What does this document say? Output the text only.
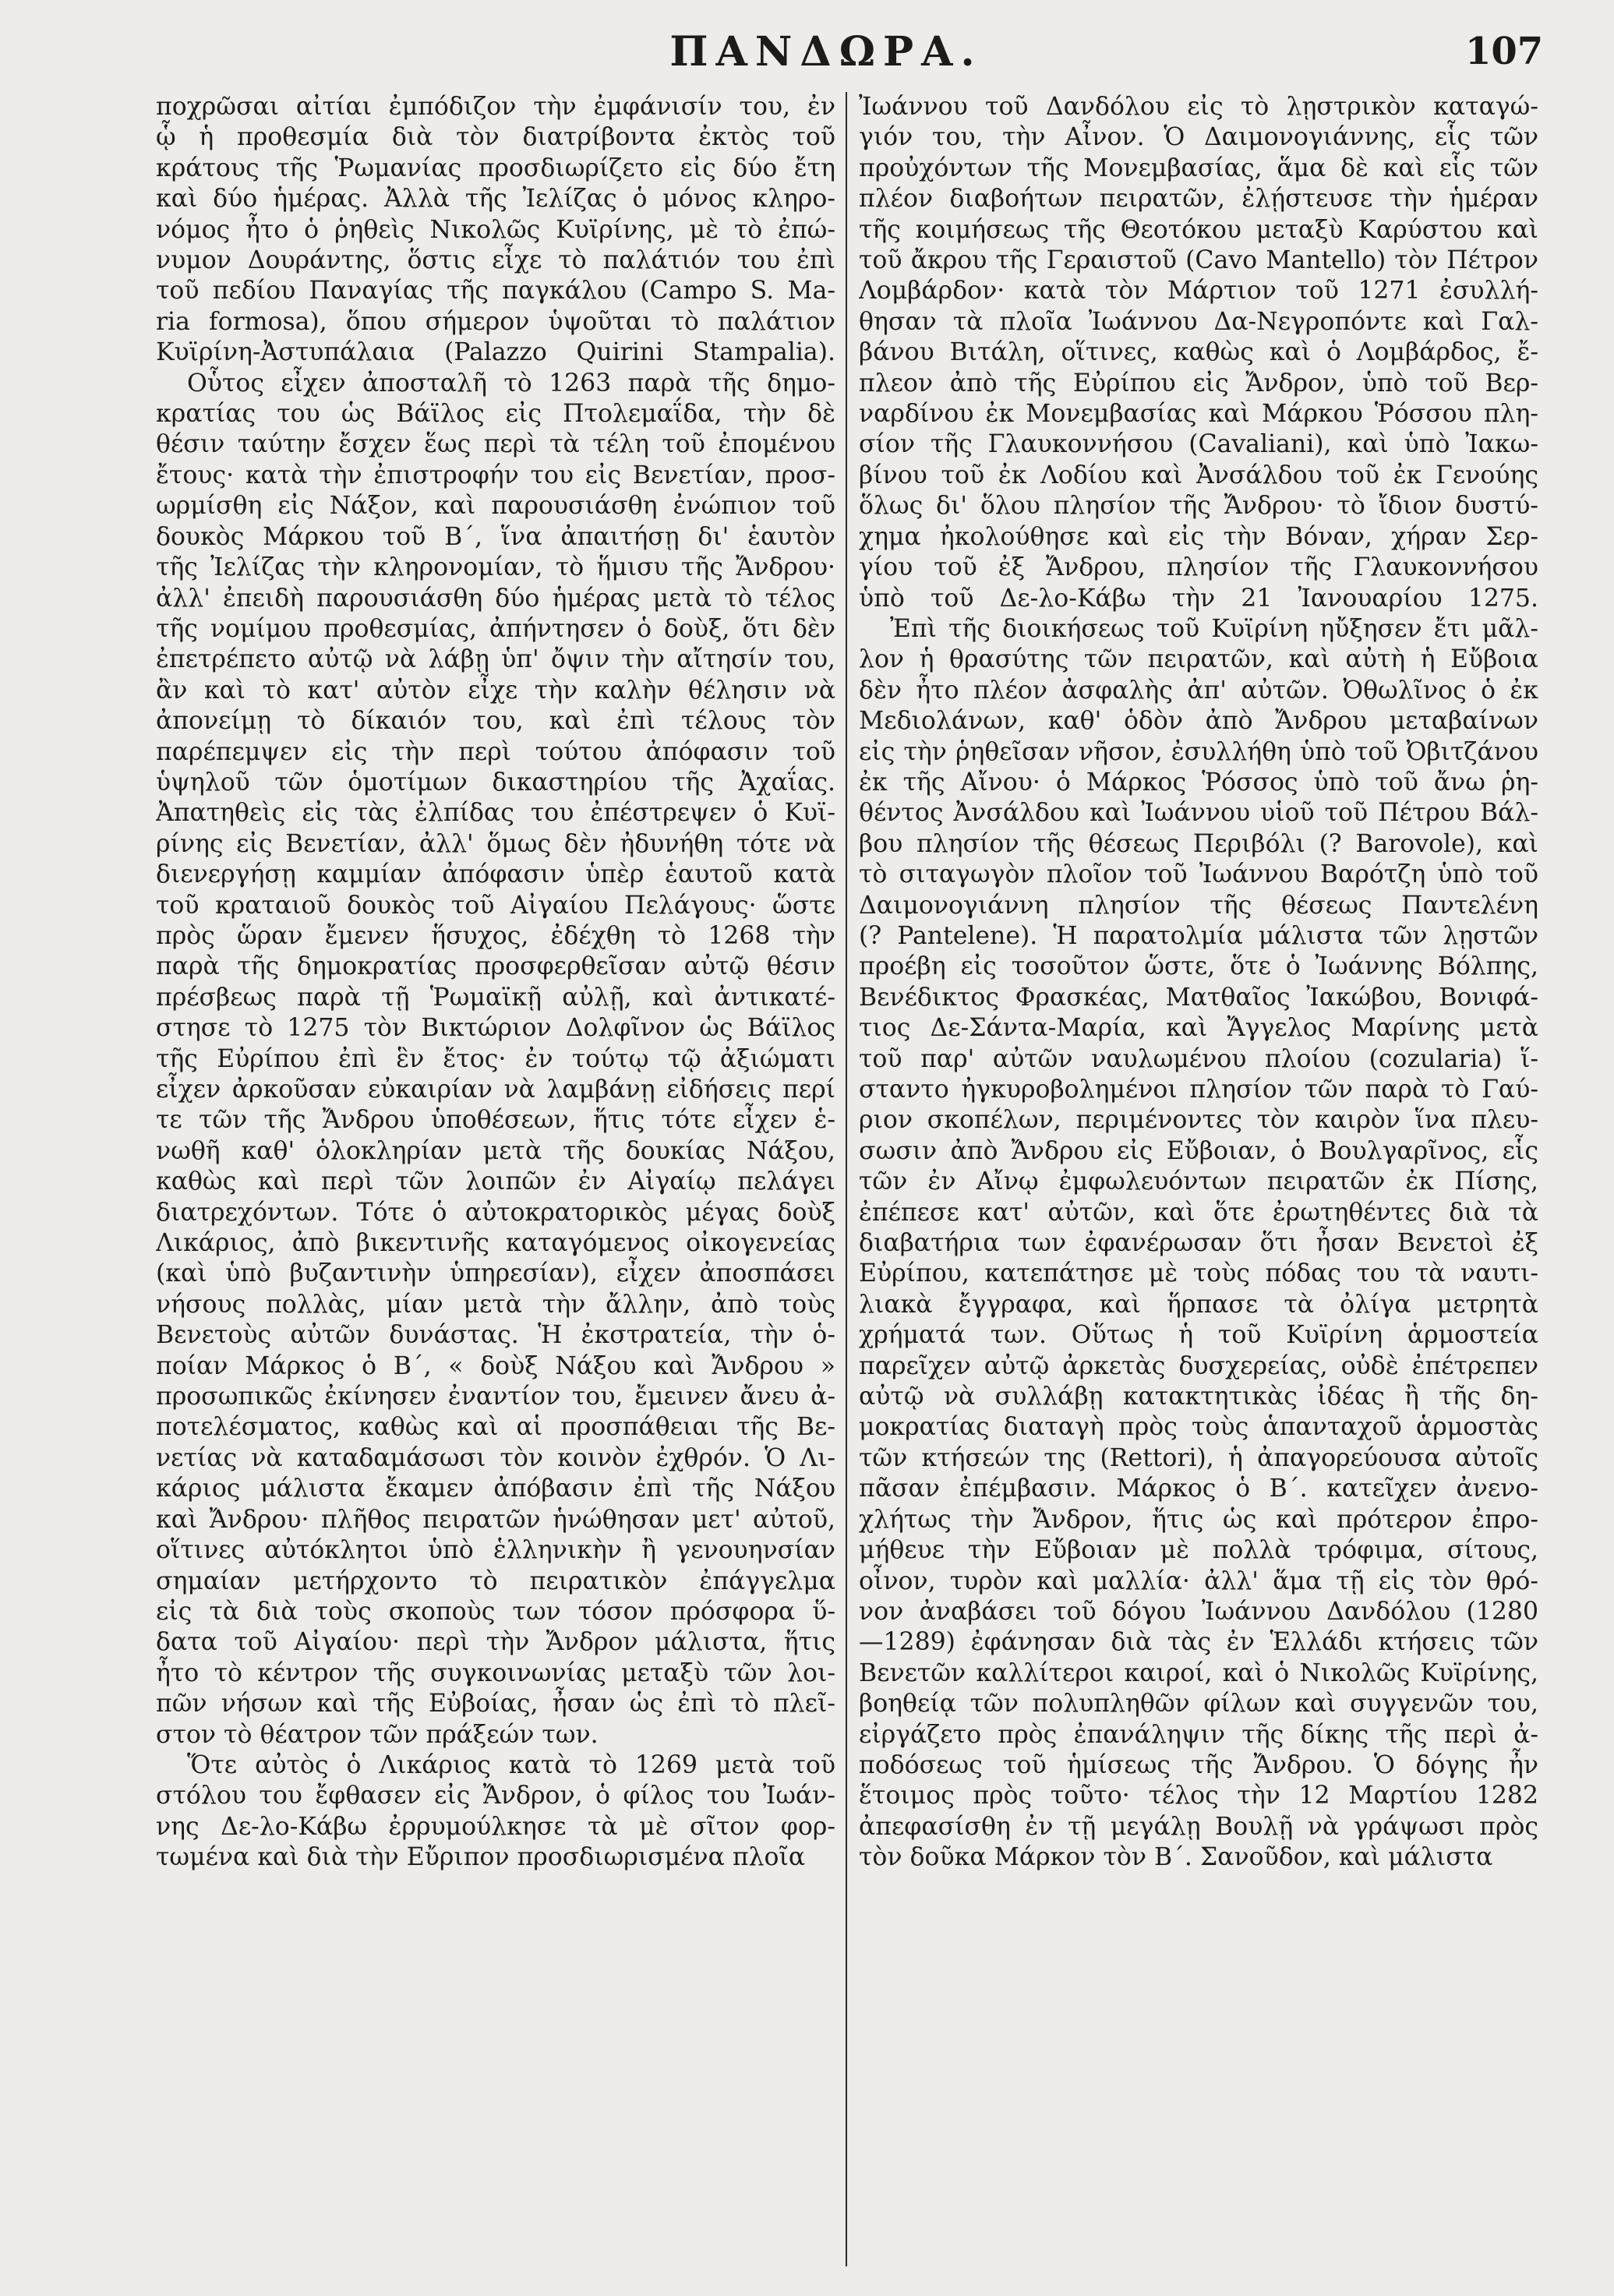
ΠΑΝΔΩΡΑ.	107
ποχρῶσαι αἰτίαι ἐμπόδιζον τὴν ἐμφάνισίν του, ἐν
ᾧ ἡ προθεσμία διὰ τὸν διατρίβοντα ἐκτὸς τοῦ
κράτους τῆς Ῥωμανίας προσδιωρίζετο εἰς δύο ἔτη
καὶ δύο ἡμέρας. Ἀλλὰ τῆς Ἰελίζας ὁ μόνος κληρο-
νόμος ἦτο ὁ ῥηθεὶς Νικολῶς Κυϊρίνης, μὲ τὸ ἐπώ-
νυμον Δουράντης, ὅστις εἶχε τὸ παλάτιόν του ἐπὶ
τοῦ πεδίου Παναγίας τῆς παγκάλου (Campo S. Ma-
ria formosa), ὅπου σήμερον ὑψοῦται τὸ παλάτιον
Κυϊρίνη-Ἀστυπάλαια (Palazzo Quirini Stampalia).
Οὗτος εἶχεν ἀποσταλῆ τὸ 1263 παρὰ τῆς δημο-
κρατίας του ὡς Βάϊλος εἰς Πτολεμαΐδα, τὴν δὲ
θέσιν ταύτην ἔσχεν ἕως περὶ τὰ τέλη τοῦ ἐπομένου
ἔτους· κατὰ τὴν ἐπιστροφήν του εἰς Βενετίαν, προσ-
ωρμίσθη εἰς Νάξον, καὶ παρουσιάσθη ἐνώπιον τοῦ
δουκὸς Μάρκου τοῦ Β΄, ἵνα ἀπαιτήσῃ δι' ἑαυτὸν
τῆς Ἰελίζας τὴν κληρονομίαν, τὸ ἥμισυ τῆς Ἄνδρου·
ἀλλ' ἐπειδὴ παρουσιάσθη δύο ἡμέρας μετὰ τὸ τέλος
τῆς νομίμου προθεσμίας, ἀπήντησεν ὁ δοὺξ, ὅτι δὲν
ἐπετρέπετο αὐτῷ νὰ λάβῃ ὑπ' ὄψιν τὴν αἴτησίν του,
ἂν καὶ τὸ κατ' αὐτὸν εἶχε τὴν καλὴν θέλησιν νὰ
ἀπονείμῃ τὸ δίκαιόν του, καὶ ἐπὶ τέλους τὸν
παρέπεμψεν εἰς τὴν περὶ τούτου ἀπόφασιν τοῦ
ὑψηλοῦ τῶν ὁμοτίμων δικαστηρίου τῆς Ἀχαΐας.
Ἀπατηθεὶς εἰς τὰς ἐλπίδας του ἐπέστρεψεν ὁ Κυϊ-
ρίνης εἰς Βενετίαν, ἀλλ' ὅμως δὲν ἠδυνήθη τότε νὰ
διενεργήσῃ καμμίαν ἀπόφασιν ὑπὲρ ἑαυτοῦ κατὰ
τοῦ κραταιοῦ δουκὸς τοῦ Αἰγαίου Πελάγους· ὥστε
πρὸς ὥραν ἔμενεν ἥσυχος, ἐδέχθη τὸ 1268 τὴν
παρὰ τῆς δημοκρατίας προσφερθεῖσαν αὐτῷ θέσιν
πρέσβεως παρὰ τῇ Ῥωμαϊκῇ αὐλῇ, καὶ ἀντικατέ-
στησε τὸ 1275 τὸν Βικτώριον Δολφῖνον ὡς Βάϊλος
τῆς Εὐρίπου ἐπὶ ἓν ἔτος· ἐν τούτῳ τῷ ἀξιώματι
εἶχεν ἀρκοῦσαν εὐκαιρίαν νὰ λαμβάνῃ εἰδήσεις περί
τε τῶν τῆς Ἄνδρου ὑποθέσεων, ἥτις τότε εἶχεν ἑ-
νωθῆ καθ' ὁλοκληρίαν μετὰ τῆς δουκίας Νάξου,
καθὼς καὶ περὶ τῶν λοιπῶν ἐν Αἰγαίῳ πελάγει
διατρεχόντων. Τότε ὁ αὐτοκρατορικὸς μέγας δοὺξ
Λικάριος, ἀπὸ βικεντινῆς καταγόμενος οἰκογενείας
(καὶ ὑπὸ βυζαντινὴν ὑπηρεσίαν), εἶχεν ἀποσπάσει
νήσους πολλὰς, μίαν μετὰ τὴν ἄλλην, ἀπὸ τοὺς
Βενετοὺς αὐτῶν δυνάστας. Ἡ ἐκστρατεία, τὴν ὁ-
ποίαν Μάρκος ὁ Β΄, « δοὺξ Νάξου καὶ Ἄνδρου »
προσωπικῶς ἐκίνησεν ἐναντίον του, ἔμεινεν ἄνευ ἀ-
ποτελέσματος, καθὼς καὶ αἱ προσπάθειαι τῆς Βε-
νετίας νὰ καταδαμάσωσι τὸν κοινὸν ἐχθρόν. Ὁ Λι-
κάριος μάλιστα ἔκαμεν ἀπόβασιν ἐπὶ τῆς Νάξου
καὶ Ἄνδρου· πλῆθος πειρατῶν ἡνώθησαν μετ' αὐτοῦ,
οἵτινες αὐτόκλητοι ὑπὸ ἑλληνικὴν ἢ γενουηνσίαν
σημαίαν μετήρχοντο τὸ πειρατικὸν ἐπάγγελμα
εἰς τὰ διὰ τοὺς σκοποὺς των τόσον πρόσφορα ὕ-
δατα τοῦ Αἰγαίου· περὶ τὴν Ἄνδρον μάλιστα, ἥτις
ἦτο τὸ κέντρον τῆς συγκοινωνίας μεταξὺ τῶν λοι-
πῶν νήσων καὶ τῆς Εὐβοίας, ἦσαν ὡς ἐπὶ τὸ πλεῖ-
στον τὸ θέατρον τῶν πράξεών των.
Ὅτε αὐτὸς ὁ Λικάριος κατὰ τὸ 1269 μετὰ τοῦ
στόλου του ἔφθασεν εἰς Ἄνδρον, ὁ φίλος του Ἰωάν-
νης Δε-λο-Κάβω ἐρρυμούλκησε τὰ μὲ σῖτον φορ-
τωμένα καὶ διὰ τὴν Εὔριπον προσδιωρισμένα πλοῖα
Ἰωάννου τοῦ Δανδόλου εἰς τὸ λῃστρικὸν καταγώ-
γιόν του, τὴν Αἶνον. Ὁ Δαιμονογιάννης, εἷς τῶν
προὐχόντων τῆς Μονεμβασίας, ἅμα δὲ καὶ εἷς τῶν
πλέον διαβοήτων πειρατῶν, ἐλῄστευσε τὴν ἡμέραν
τῆς κοιμήσεως τῆς Θεοτόκου μεταξὺ Καρύστου καὶ
τοῦ ἄκρου τῆς Γεραιστοῦ (Cavo Mantello) τὸν Πέτρον
Λομβάρδον· κατὰ τὸν Μάρτιον τοῦ 1271 ἐσυλλή-
θησαν τὰ πλοῖα Ἰωάννου Δα-Νεγροπόντε καὶ Γαλ-
βάνου Βιτάλη, οἵτινες, καθὼς καὶ ὁ Λομβάρδος, ἔ-
πλεον ἀπὸ τῆς Εὐρίπου εἰς Ἄνδρον, ὑπὸ τοῦ Βερ-
ναρδίνου ἐκ Μονεμβασίας καὶ Μάρκου Ῥόσσου πλη-
σίον τῆς Γλαυκοννήσου (Cavaliani), καὶ ὑπὸ Ἰακω-
βίνου τοῦ ἐκ Λοδίου καὶ Ἀνσάλδου τοῦ ἐκ Γενούης
ὅλως δι' ὅλου πλησίον τῆς Ἄνδρου· τὸ ἴδιον δυστύ-
χημα ἠκολούθησε καὶ εἰς τὴν Βόναν, χήραν Σερ-
γίου τοῦ ἐξ Ἄνδρου, πλησίον τῆς Γλαυκοννήσου
ὑπὸ τοῦ Δε-λο-Κάβω τὴν 21 Ἰανουαρίου 1275.
Ἐπὶ τῆς διοικήσεως τοῦ Κυϊρίνη ηὔξησεν ἔτι μᾶλ-
λον ἡ θρασύτης τῶν πειρατῶν, καὶ αὐτὴ ἡ Εὔβοια
δὲν ἦτο πλέον ἀσφαλὴς ἀπ' αὐτῶν. Ὀθωλῖνος ὁ ἐκ
Μεδιολάνων, καθ' ὁδὸν ἀπὸ Ἄνδρου μεταβαίνων
εἰς τὴν ῥηθεῖσαν νῆσον, ἐσυλλήθη ὑπὸ τοῦ Ὀβιτζάνου
ἐκ τῆς Αἴνου· ὁ Μάρκος Ῥόσσος ὑπὸ τοῦ ἄνω ῥη-
θέντος Ἀνσάλδου καὶ Ἰωάννου υἱοῦ τοῦ Πέτρου Βάλ-
βου πλησίον τῆς θέσεως Περιβόλι (? Barovole), καὶ
τὸ σιταγωγὸν πλοῖον τοῦ Ἰωάννου Βαρότζη ὑπὸ τοῦ
Δαιμονογιάννη πλησίον τῆς θέσεως Παντελένη
(? Pantelene). Ἡ παρατολμία μάλιστα τῶν λῃστῶν
προέβη εἰς τοσοῦτον ὥστε, ὅτε ὁ Ἰωάννης Βόλπης,
Βενέδικτος Φρασκέας, Ματθαῖος Ἰακώβου, Βονιφά-
τιος Δε-Σάντα-Μαρία, καὶ Ἄγγελος Μαρίνης μετὰ
τοῦ παρ' αὐτῶν ναυλωμένου πλοίου (cozularia) ἵ-
σταντο ἠγκυροβολημένοι πλησίον τῶν παρὰ τὸ Γαύ-
ριον σκοπέλων, περιμένοντες τὸν καιρὸν ἵνα πλευ-
σωσιν ἀπὸ Ἄνδρου εἰς Εὔβοιαν, ὁ Βουλγαρῖνος, εἷς
τῶν ἐν Αἴνῳ ἐμφωλευόντων πειρατῶν ἐκ Πίσης,
ἐπέπεσε κατ' αὐτῶν, καὶ ὅτε ἐρωτηθέντες διὰ τὰ
διαβατήρια των ἐφανέρωσαν ὅτι ἦσαν Βενετοὶ ἐξ
Εὐρίπου, κατεπάτησε μὲ τοὺς πόδας του τὰ ναυτι-
λιακὰ ἔγγραφα, καὶ ἥρπασε τὰ ὀλίγα μετρητὰ
χρήματά των. Οὕτως ἡ τοῦ Κυϊρίνη ἁρμοστεία
παρεῖχεν αὐτῷ ἀρκετὰς δυσχερείας, οὐδὲ ἐπέτρεπεν
αὐτῷ νὰ συλλάβῃ κατακτητικὰς ἰδέας ἢ τῆς δη-
μοκρατίας διαταγὴ πρὸς τοὺς ἁπανταχοῦ ἁρμοστὰς
τῶν κτήσεών της (Rettori), ἡ ἀπαγορεύουσα αὐτοῖς
πᾶσαν ἐπέμβασιν. Μάρκος ὁ Β΄. κατεῖχεν ἀνενο-
χλήτως τὴν Ἄνδρον, ἥτις ὡς καὶ πρότερον ἐπρο-
μήθευε τὴν Εὔβοιαν μὲ πολλὰ τρόφιμα, σίτους,
οἶνον, τυρὸν καὶ μαλλία· ἀλλ' ἅμα τῇ εἰς τὸν θρό-
νον ἀναβάσει τοῦ δόγου Ἰωάννου Δανδόλου (1280
—1289) ἐφάνησαν διὰ τὰς ἐν Ἑλλάδι κτήσεις τῶν
Βενετῶν καλλίτεροι καιροί, καὶ ὁ Νικολῶς Κυϊρίνης,
βοηθείᾳ τῶν πολυπληθῶν φίλων καὶ συγγενῶν του,
εἰργάζετο πρὸς ἐπανάληψιν τῆς δίκης τῆς περὶ ἀ-
ποδόσεως τοῦ ἡμίσεως τῆς Ἄνδρου. Ὁ δόγης ἦν
ἕτοιμος πρὸς τοῦτο· τέλος τὴν 12 Μαρτίου 1282
ἀπεφασίσθη ἐν τῇ μεγάλῃ Βουλῇ νὰ γράψωσι πρὸς
τὸν δοῦκα Μάρκον τὸν Β΄. Σανοῦδον, καὶ μάλιστα
